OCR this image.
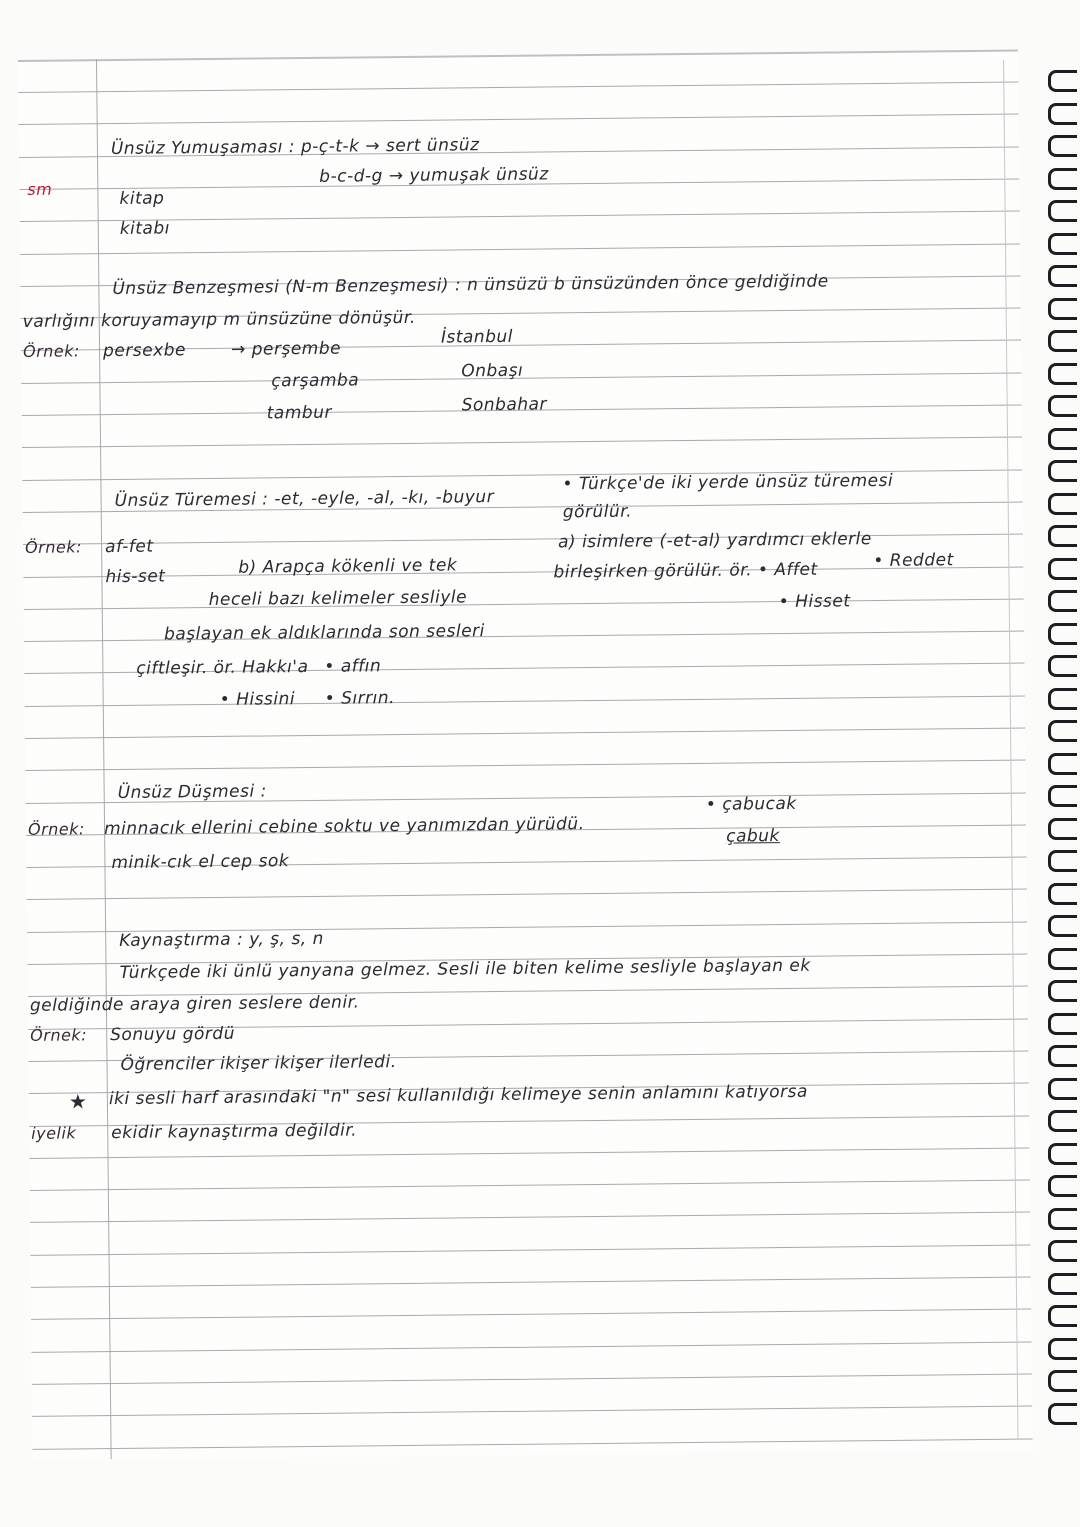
Ünsüz Yumuşaması : p-ç-t-k → sert ünsüz
b-c-d-g → yumuşak ünsüz
sm	kitap
kitabı
Ünsüz Benzeşmesi (N-m Benzeşmesi) : n ünsüzü b ünsüzünden önce geldiğinde
varlığını koruyamayıp m ünsüzüne dönüşür.
Örnek: persexbe	→ perşembe
çarşamba
tambur
İstanbul
Onbaşı
Sonbahar
Ünsüz Türemesi : -et, -eyle, -al, -kı, -buyur
• Türkçe'de iki yerde ünsüz türemesi
görülür.
Örnek: af-fet
his-set	b) Arapça kökenli ve tek
heceli bazı kelimeler sesliyle
başlayan ek aldıklarında son sesleri
çiftleşir. ör. Hakkı'a • affın
• Hissini • Sırrın.
a) isimlere (-et-al) yardımcı eklerle
birleşirken görülür. ör. • Affet	• Reddet
• Hisset
Ünsüz Düşmesi :
Örnek: minnacık ellerini cebine soktu ve yanımızdan yürüdü.
minik-cık el cep sok
• çabucak
çabuk
Kaynaştırma : y, ş, s, n
Türkçede iki ünlü yanyana gelmez. Sesli ile biten kelime sesliyle başlayan ek
geldiğinde araya giren seslere denir.
Örnek: Sonuyu gördü
Öğrenciler ikişer ikişer ilerledi.
★ iki sesli harf arasındaki "n" sesi kullanıldığı kelimeye senin anlamını katıyorsa
iyelik ekidir kaynaştırma değildir.
